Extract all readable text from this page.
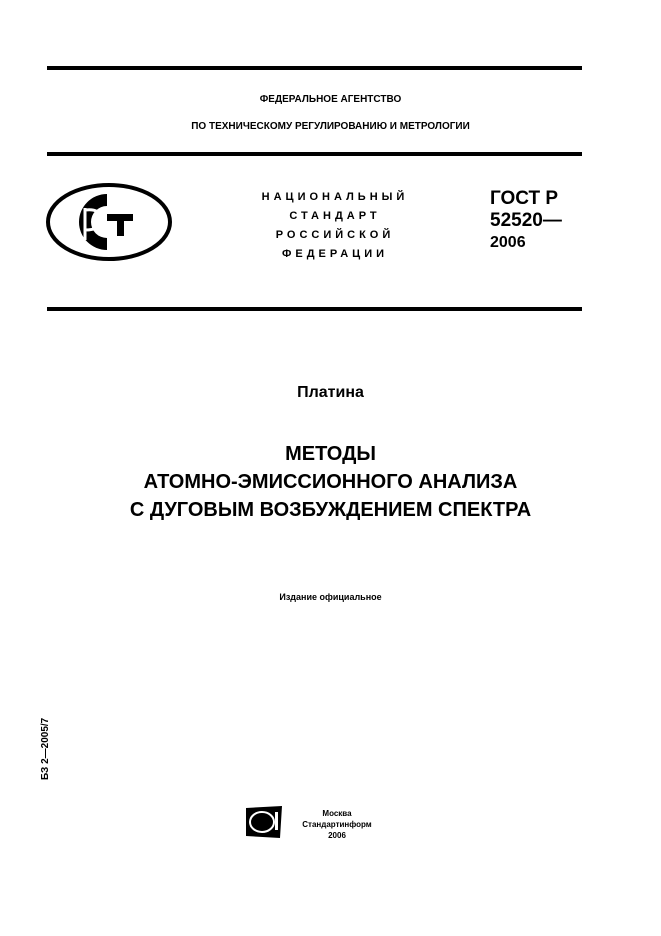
ФЕДЕРАЛЬНОЕ АГЕНТСТВО
ПО ТЕХНИЧЕСКОМУ РЕГУЛИРОВАНИЮ И МЕТРОЛОГИИ
НАЦИОНАЛЬНЫЙ
СТАНДАРТ
РОССИЙСКОЙ
ФЕДЕРАЦИИ
ГОСТ Р
52520—
2006
Платина
МЕТОДЫ
АТОМНО-ЭМИССИОННОГО АНАЛИЗА
С ДУГОВЫМ ВОЗБУЖДЕНИЕМ СПЕКТРА
Издание официальное
БЗ 2—2005/7
Москва
Стандартинформ
2006
